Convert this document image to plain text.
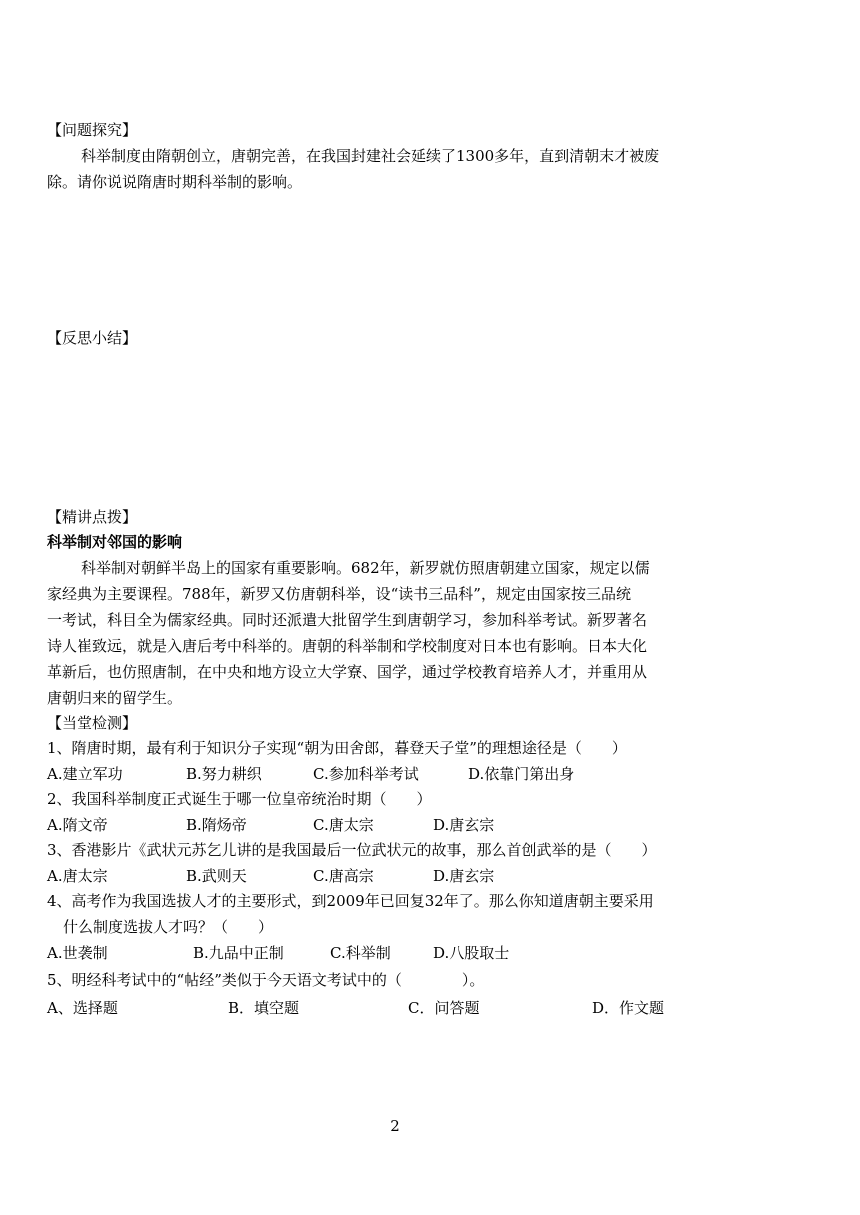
【问题探究】
科举制度由隋朝创立，唐朝完善，在我国封建社会延续了1300多年，直到清朝末才被废
除。请你说说隋唐时期科举制的影响。
【反思小结】
【精讲点拨】
科举制对邻国的影响
科举制对朝鲜半岛上的国家有重要影响。682年，新罗就仿照唐朝建立国家，规定以儒
家经典为主要课程。788年，新罗又仿唐朝科举，设“读书三品科”，规定由国家按三品统
一考试，科目全为儒家经典。同时还派遣大批留学生到唐朝学习，参加科举考试。新罗著名
诗人崔致远，就是入唐后考中科举的。唐朝的科举制和学校制度对日本也有影响。日本大化
革新后，也仿照唐制，在中央和地方设立大学寮、国学，通过学校教育培养人才，并重用从
唐朝归来的留学生。
【当堂检测】
1、隋唐时期，最有利于知识分子实现“朝为田舍郎，暮登天子堂”的理想途径是（　　）
A.建立军功	B.努力耕织	C.参加科举考试	D.依靠门第出身
2、我国科举制度正式诞生于哪一位皇帝统治时期（　　）
A.隋文帝	B.隋炀帝	C.唐太宗	D.唐玄宗
3、香港影片《武状元苏乞儿讲的是我国最后一位武状元的故事，那么首创武举的是（　　）
A.唐太宗	B.武则天	C.唐高宗	D.唐玄宗
4、高考作为我国选拔人才的主要形式，到2009年已回复32年了。那么你知道唐朝主要采用
什么制度选拔人才吗？（　　）
A.世袭制	B.九品中正制	C.科举制	D.八股取士
5、明经科考试中的“帖经”类似于今天语文考试中的（　　　　）。
A、选择题	B．填空题	C．问答题	D．作文题
2
